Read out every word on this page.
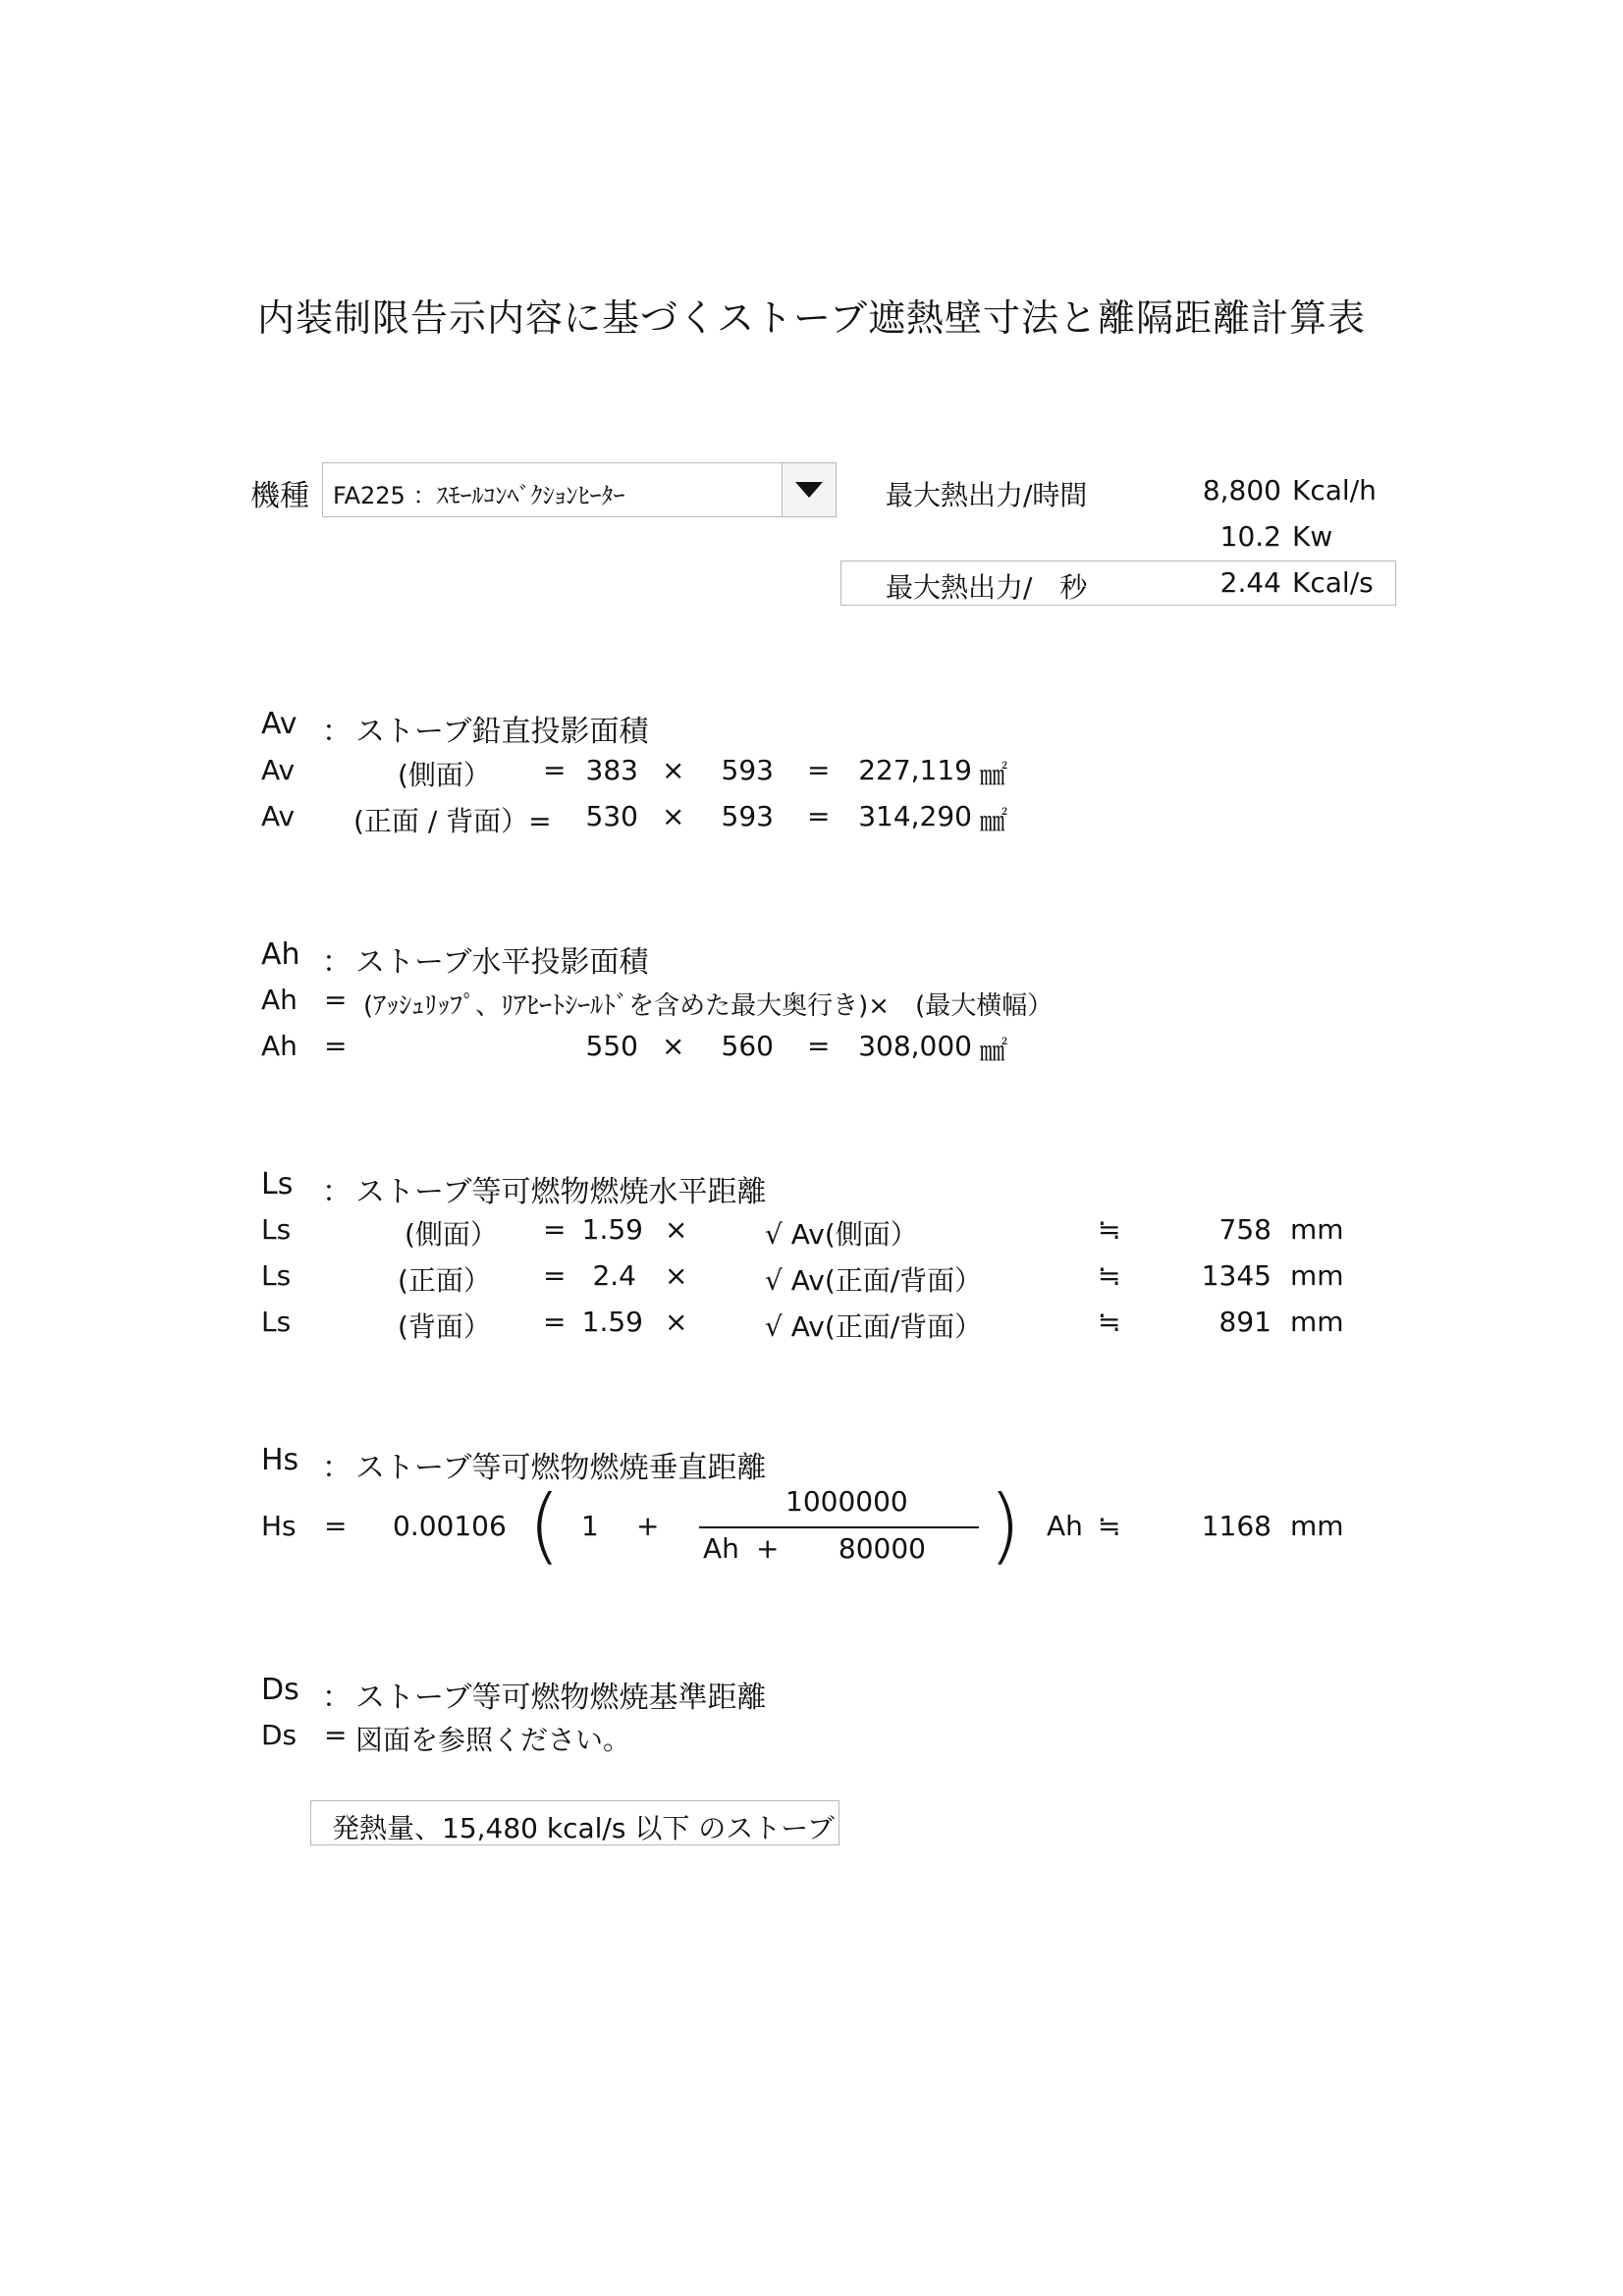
内装制限告示内容に基づくストーブ遮熱壁寸法と離隔距離計算表
機種 FA225 ：ｽﾓｰﾙｺﾝﾍﾞｸｼｮﾝﾋｰﾀｰ	最大熱出力/時間	8,800 Kcal/h
10.2 Kw
最大熱出力/　秒	2.44 Kcal/s
Av ： ストーブ鉛直投影面積
Av	(側面） = 383 ×	593 =	227,119 ㎟
Av (正面 / 背面）=	530 ×	593 =	314,290 ㎟
Ah ： ストーブ水平投影面積
Ah = (ｱｯｼｭﾘｯﾌﾟ、ﾘｱﾋｰﾄｼｰﾙﾄﾞを含めた最大奥行き)×　(最大横幅）
Ah =	550 ×	560 =	308,000 ㎟
Ls ： ストーブ等可燃物燃焼水平距離
Ls	(側面） = 1.59 ×	√ Av(側面）	≒	758 mm
Ls	(正面） = 2.4 ×	√ Av(正面/背面）	≒	1345 mm
Ls	(背面） = 1.59 ×	√ Av(正面/背面）	≒	891 mm
Hs ： ストーブ等可燃物燃焼垂直距離
Hs = 0.00106 ( 1 +
1000000
Ah +	80000 ) Ah ≒	1168 mm
Ds ： ストーブ等可燃物燃焼基準距離
Ds = 図面を参照ください。
発熱量、15,480 kcal/s 以下 のストーブ
